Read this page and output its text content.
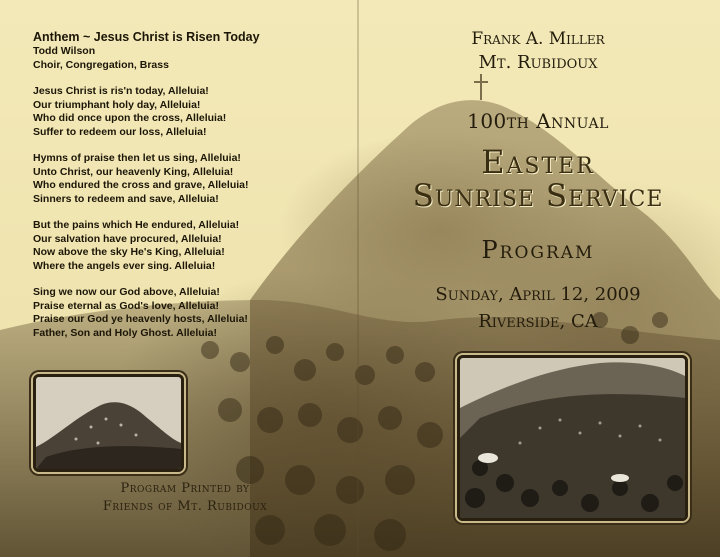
Anthem ~ Jesus Christ is Risen Today
Todd Wilson
Choir, Congregation, Brass
Jesus Christ is ris'n today, Alleluia!
Our triumphant holy day, Alleluia!
Who did once upon the cross, Alleluia!
Suffer to redeem our loss, Alleluia!
Hymns of praise then let us sing, Alleluia!
Unto Christ, our heavenly King, Alleluia!
Who endured the cross and grave, Alleluia!
Sinners to redeem and save, Alleluia!
But the pains which He endured, Alleluia!
Our salvation have procured, Alleluia!
Now above the sky He's King, Alleluia!
Where the angels ever sing. Alleluia!
Sing we now our God above, Alleluia!
Praise eternal as God's love, Alleluia!
Praise our God ye heavenly hosts, Alleluia!
Father, Son and Holy Ghost. Alleluia!
Program Printed by
Friends of Mt. Rubidoux
Frank A. Miller
Mt. Rubidoux
100th Annual
Easter
Sunrise Service
Program
Sunday, April 12, 2009
Riverside, CA
